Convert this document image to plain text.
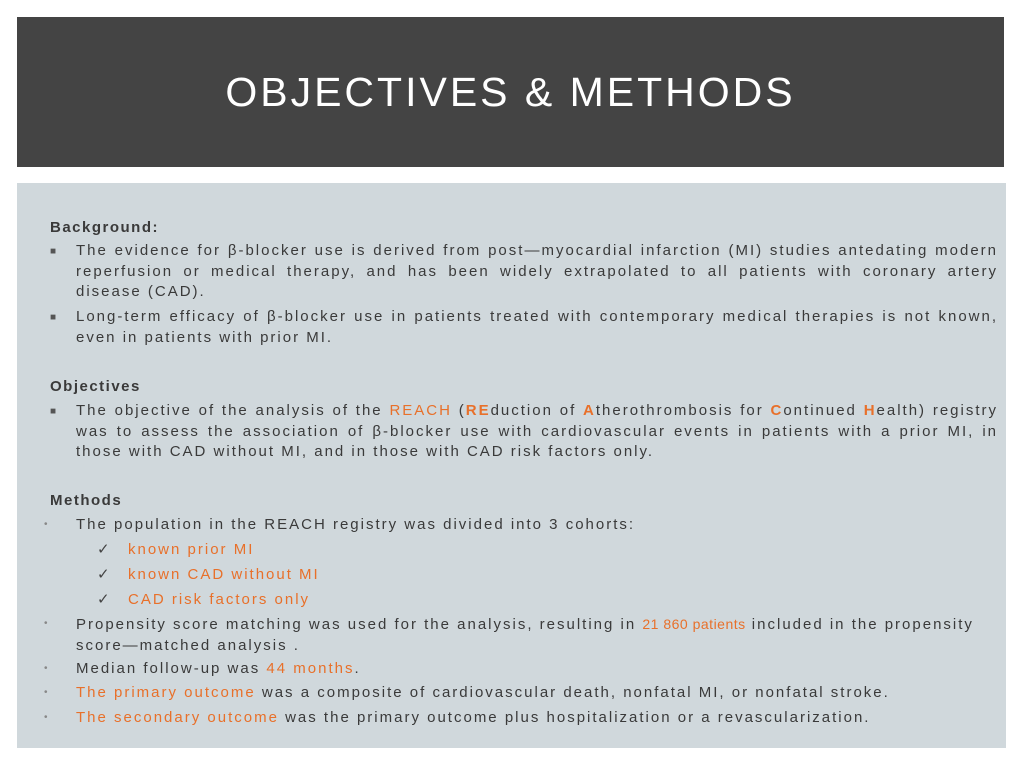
OBJECTIVES & METHODS
Background:
■ The evidence for β-blocker use is derived from post—myocardial infarction (MI) studies antedating modern reperfusion or medical therapy, and has been widely extrapolated to all patients with coronary artery disease (CAD).
■ Long-term efficacy of β-blocker use in patients treated with contemporary medical therapies is not known, even in patients with prior MI.
Objectives
■ The objective of the analysis of the REACH (REduction of Atherothrombosis for Continued Health) registry was to assess the association of β-blocker use with cardiovascular events in patients with a prior MI, in those with CAD without MI, and in those with CAD risk factors only.
Methods
• The population in the REACH registry was divided into 3 cohorts:
✓ known prior MI
✓ known CAD without MI
✓ CAD risk factors only
• Propensity score matching was used for the analysis, resulting in 21 860 patients included in the propensity score—matched analysis .
• Median follow-up was 44 months.
• The primary outcome was a composite of cardiovascular death, nonfatal MI, or nonfatal stroke.
• The secondary outcome was the primary outcome plus hospitalization or a revascularization.
